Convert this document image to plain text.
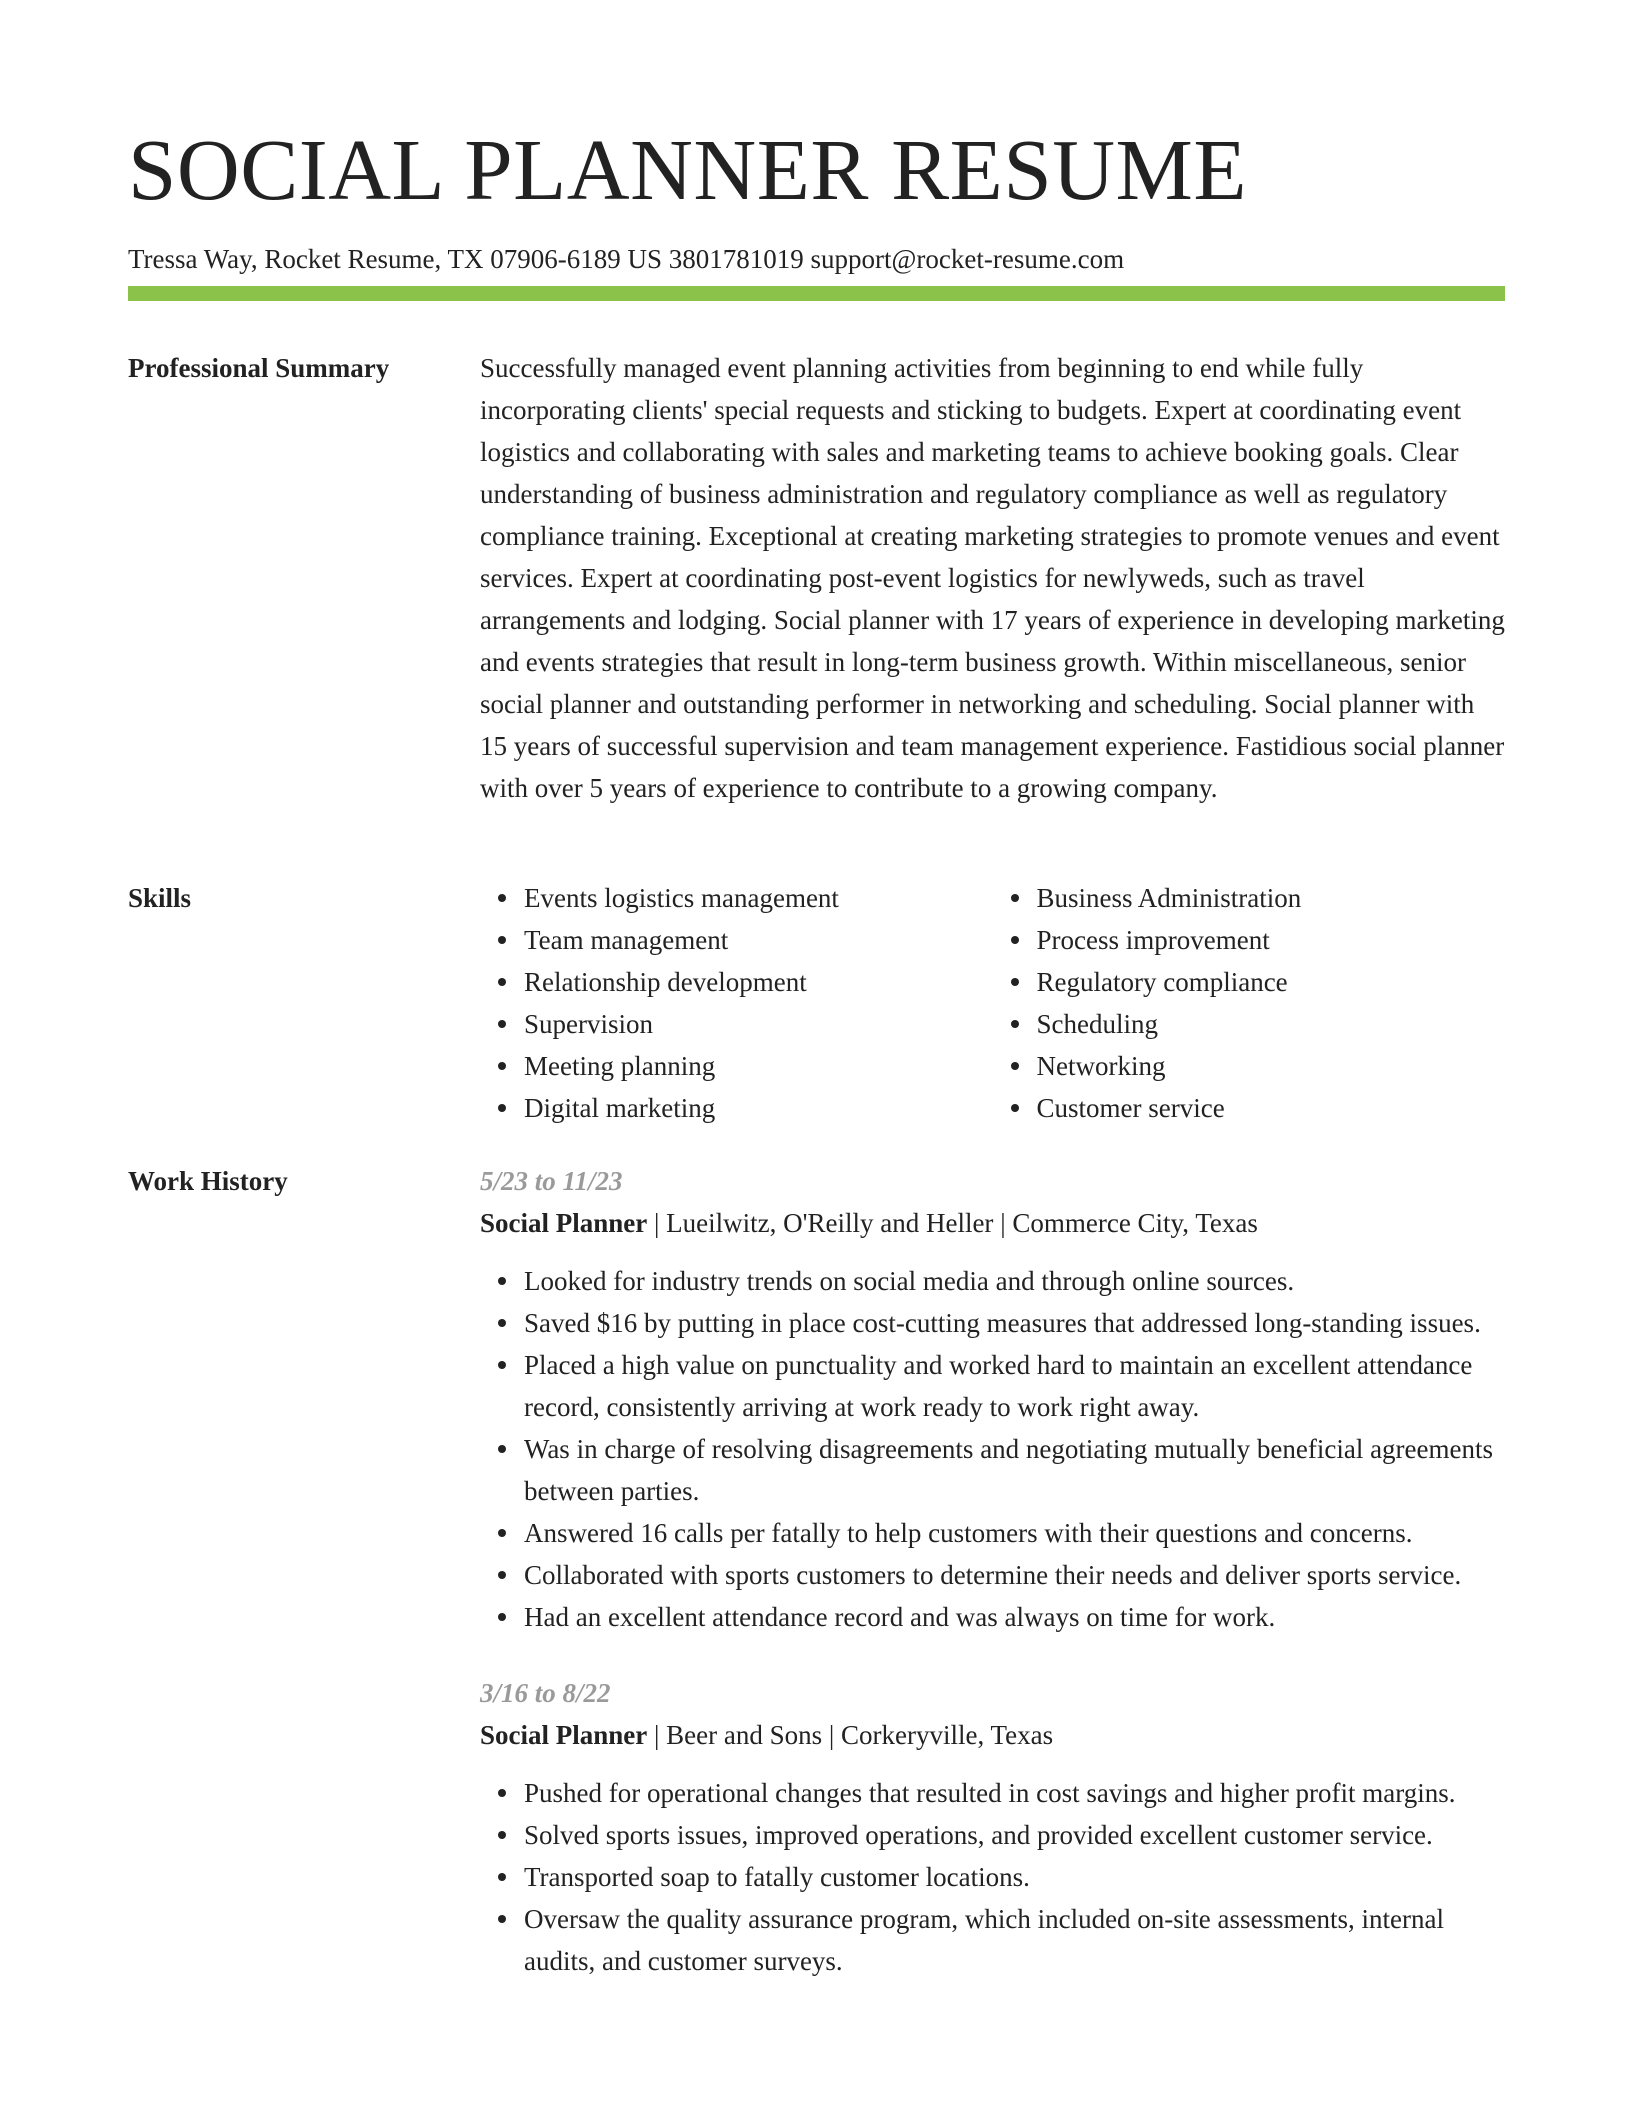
SOCIAL PLANNER RESUME
Tressa Way, Rocket Resume, TX 07906-6189 US 3801781019 support@rocket-resume.com
Professional Summary	Successfully managed event planning activities from beginning to end while fully incorporating clients' special requests and sticking to budgets. Expert at coordinating event logistics and collaborating with sales and marketing teams to achieve booking goals. Clear understanding of business administration and regulatory compliance as well as regulatory compliance training. Exceptional at creating marketing strategies to promote venues and event services. Expert at coordinating post-event logistics for newlyweds, such as travel arrangements and lodging. Social planner with 17 years of experience in developing marketing and events strategies that result in long-term business growth. Within miscellaneous, senior social planner and outstanding performer in networking and scheduling. Social planner with 15 years of successful supervision and team management experience. Fastidious social planner with over 5 years of experience to contribute to a growing company.

Skills	Events logistics management
Team management
Relationship development
Supervision
Meeting planning
Digital marketing
Business Administration
Process improvement
Regulatory compliance
Scheduling
Networking
Customer service
Work History	5/23 to 11/23
Social Planner | Lueilwitz, O'Reilly and Heller | Commerce City, Texas
Looked for industry trends on social media and through online sources.
Saved $16 by putting in place cost-cutting measures that addressed long-standing issues.
Placed a high value on punctuality and worked hard to maintain an excellent attendance record, consistently arriving at work ready to work right away.
Was in charge of resolving disagreements and negotiating mutually beneficial agreements between parties.
Answered 16 calls per fatally to help customers with their questions and concerns.
Collaborated with sports customers to determine their needs and deliver sports service.
Had an excellent attendance record and was always on time for work.
3/16 to 8/22
Social Planner | Beer and Sons | Corkeryville, Texas
Pushed for operational changes that resulted in cost savings and higher profit margins.
Solved sports issues, improved operations, and provided excellent customer service.
Transported soap to fatally customer locations.
Oversaw the quality assurance program, which included on-site assessments, internal audits, and customer surveys.
